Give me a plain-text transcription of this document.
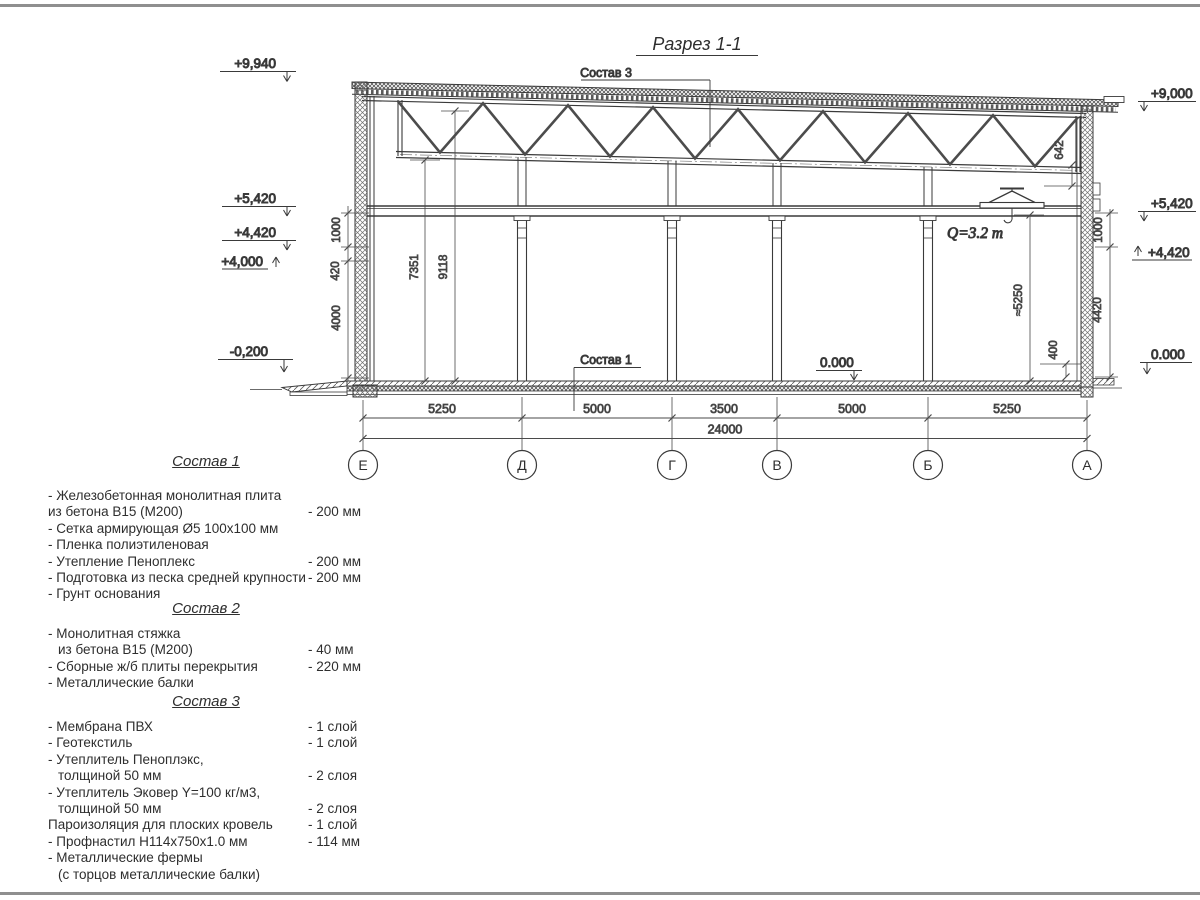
Разрез 1-1
Q=3.2 т
+9,940
+5,420
+4,420
+4,000
-0,200
+9,000
+5,420
+4,420
0.000
0.000
Состав 3
Состав 1
1000
420
4000
7351 9118
642
≈5250
1000
4420
400
5250	5000	3500	5000	5250
24000
Е	Д	Г	В	Б	А
Состав 1
- Железобетонная монолитная плита
из бетона В15 (М200)	- 200 мм
- Сетка армирующая Ø5 100х100 мм
- Пленка полиэтиленовая
- Утепление Пеноплекс	- 200 мм
- Подготовка из песка средней крупности - 200 мм
- Грунт основания
Состав 2
- Монолитная стяжка
из бетона В15 (М200)	- 40 мм
- Сборные ж/б плиты перекрытия	- 220 мм
- Металлические балки
Состав 3
- Мембрана ПВХ	- 1 слой
- Геотекстиль	- 1 слой
- Утеплитель Пеноплэкс,
толщиной 50 мм	- 2 слоя
- Утеплитель Эковер Y=100 кг/м3,
толщиной 50 мм	- 2 слоя
Пароизоляция для плоских кровель	- 1 слой
- Профнастил Н114х750х1.0 мм	- 114 мм
- Металлические фермы
(с торцов металлические балки)
